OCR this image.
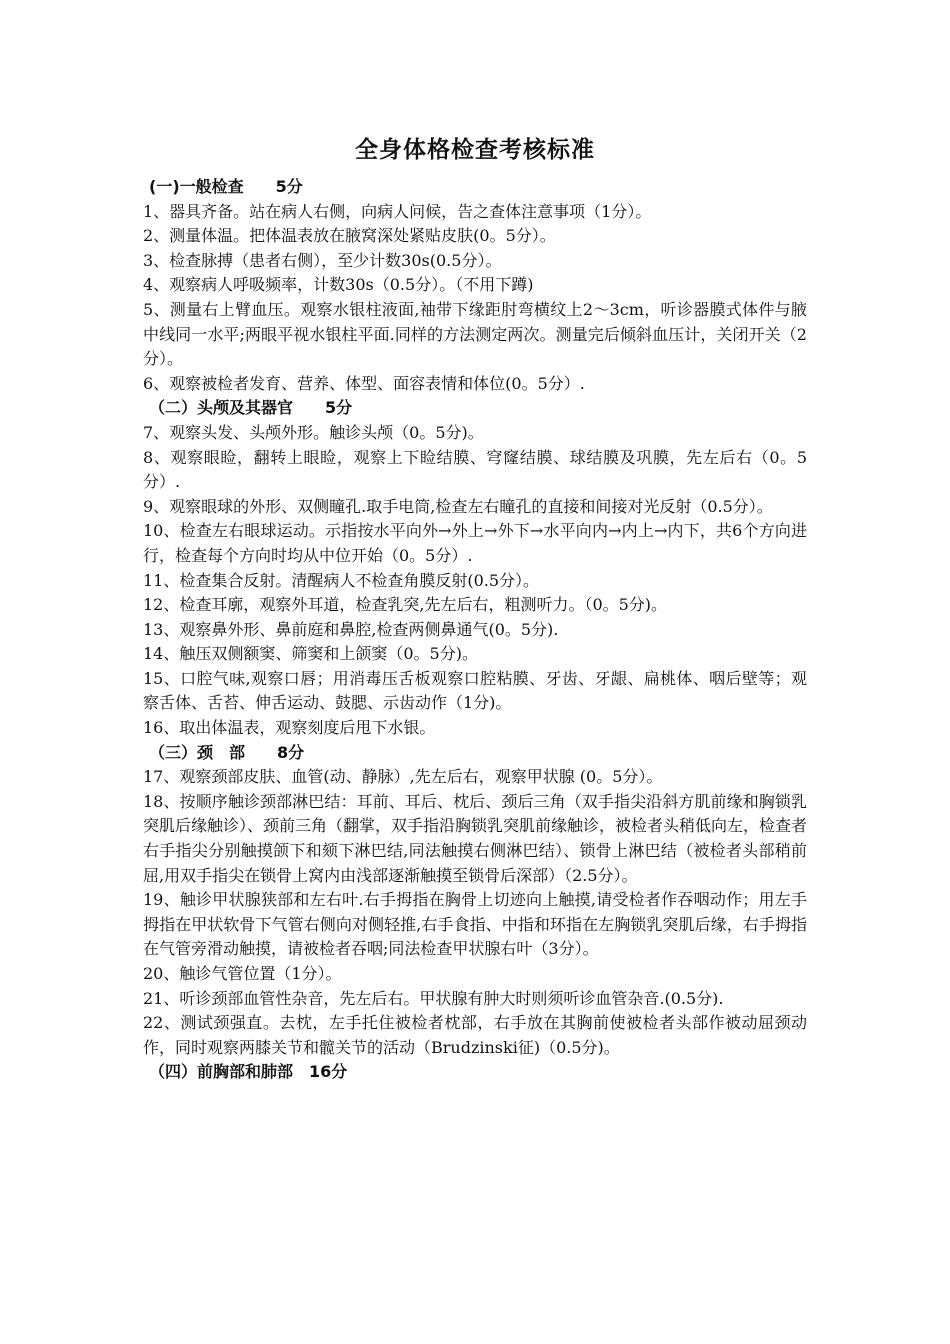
全身体格检查考核标准

(一)一般检查　　5分

1、器具齐备。站在病人右侧，向病人问候，告之查体注意事项（1分）。

2、测量体温。把体温表放在腋窝深处紧贴皮肤(0。5分）。

3、检查脉搏（患者右侧），至少计数30s(0.5分）。

4、观察病人呼吸频率，计数30s（0.5分）。（不用下蹲)

5、测量右上臂血压。观察水银柱液面,袖带下缘距肘弯横纹上2～3cm，听诊器膜式体件与腋中线同一水平;两眼平视水银柱平面.同样的方法测定两次。测量完后倾斜血压计，关闭开关（2分）。

6、观察被检者发育、营养、体型、面容表情和体位(0。5分）.

（二）头颅及其器官　　5分

7、观察头发、头颅外形。触诊头颅（0。5分)。

8、观察眼睑，翻转上眼睑，观察上下睑结膜、穹窿结膜、球结膜及巩膜，先左后右（0。5分）.

9、观察眼球的外形、双侧瞳孔.取手电筒,检查左右瞳孔的直接和间接对光反射（0.5分）。

10、检查左右眼球运动。示指按水平向外→外上→外下→水平向内→内上→内下，共6个方向进行，检查每个方向时均从中位开始（0。5分）.

11、检查集合反射。清醒病人不检查角膜反射(0.5分）。

12、检查耳廓，观察外耳道，检查乳突,先左后右，粗测听力。（0。5分)。

13、观察鼻外形、鼻前庭和鼻腔,检查两侧鼻通气(0。5分).

14、触压双侧额窦、筛窦和上颌窦（0。5分)。

15、口腔气味,观察口唇；用消毒压舌板观察口腔粘膜、牙齿、牙龈、扁桃体、咽后壁等；观察舌体、舌苔、伸舌运动、鼓腮、示齿动作（1分)。

16、取出体温表，观察刻度后甩下水银。

（三）颈　部　　8分

17、观察颈部皮肤、血管(动、静脉）,先左后右，观察甲状腺 (0。5分）。

18、按顺序触诊颈部淋巴结：耳前、耳后、枕后、颈后三角（双手指尖沿斜方肌前缘和胸锁乳突肌后缘触诊）、颈前三角（翻掌，双手指沿胸锁乳突肌前缘触诊，被检者头稍低向左，检查者右手指尖分别触摸颌下和颏下淋巴结,同法触摸右侧淋巴结）、锁骨上淋巴结（被检者头部稍前屈,用双手指尖在锁骨上窝内由浅部逐渐触摸至锁骨后深部）（2.5分）。

19、触诊甲状腺狭部和左右叶.右手拇指在胸骨上切迹向上触摸,请受检者作吞咽动作；用左手拇指在甲状软骨下气管右侧向对侧轻推,右手食指、中指和环指在左胸锁乳突肌后缘，右手拇指在气管旁滑动触摸，请被检者吞咽;同法检查甲状腺右叶（3分）。

20、触诊气管位置（1分）。

21、听诊颈部血管性杂音，先左后右。甲状腺有肿大时则须听诊血管杂音.(0.5分).

22、测试颈强直。去枕，左手托住被检者枕部，右手放在其胸前使被检者头部作被动屈颈动作，同时观察两膝关节和髋关节的活动（Brudzinski征)（0.5分)。

（四）前胸部和肺部　16分
